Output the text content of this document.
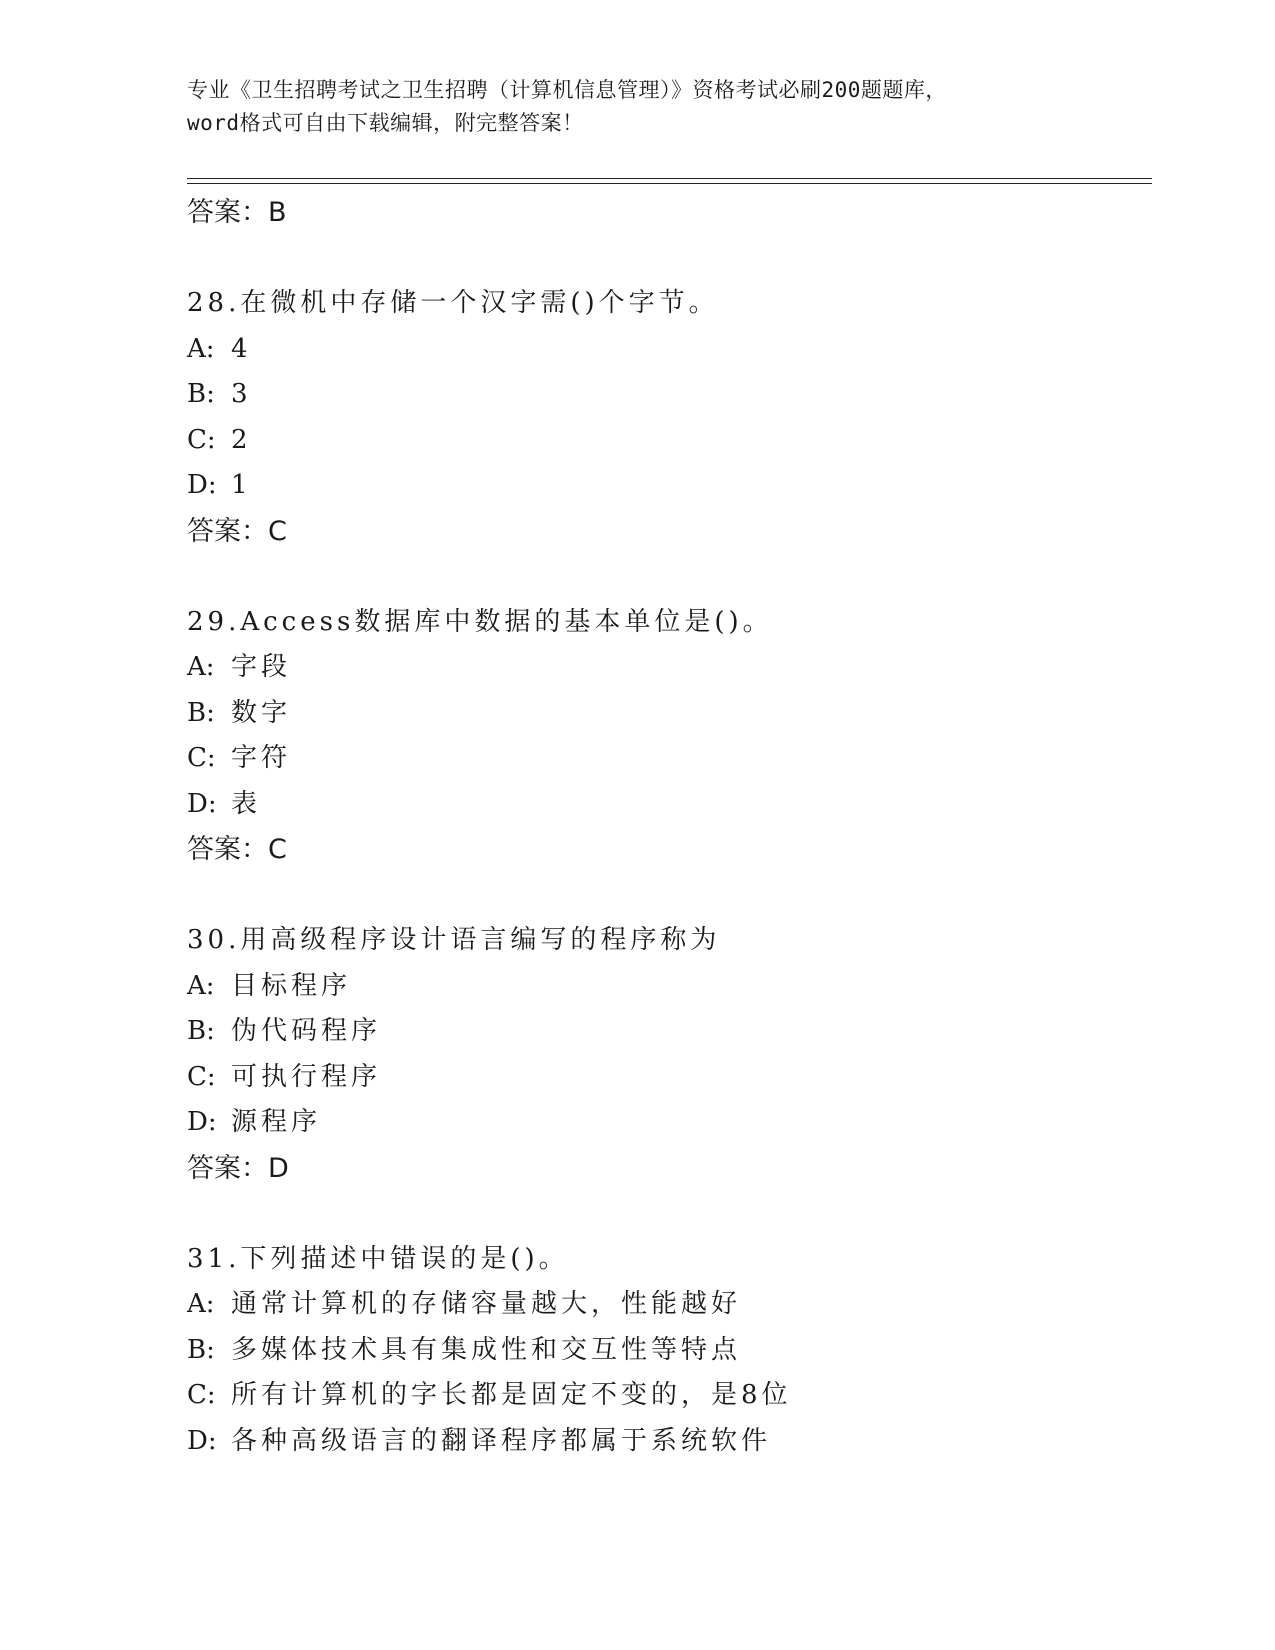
专业《卫生招聘考试之卫生招聘（计算机信息管理）》资格考试必刷200题题库，
word格式可自由下载编辑，附完整答案！

答案：B

28.在微机中存储一个汉字需()个字节。

A: 4

B: 3

C: 2

D: 1

答案：C

29.Access数据库中数据的基本单位是()。

A: 字段

B: 数字

C: 字符

D: 表

答案：C

30.用高级程序设计语言编写的程序称为

A: 目标程序

B: 伪代码程序

C: 可执行程序

D: 源程序

答案：D

31.下列描述中错误的是()。

A: 通常计算机的存储容量越大，性能越好

B: 多媒体技术具有集成性和交互性等特点

C: 所有计算机的字长都是固定不变的，是8位

D: 各种高级语言的翻译程序都属于系统软件
